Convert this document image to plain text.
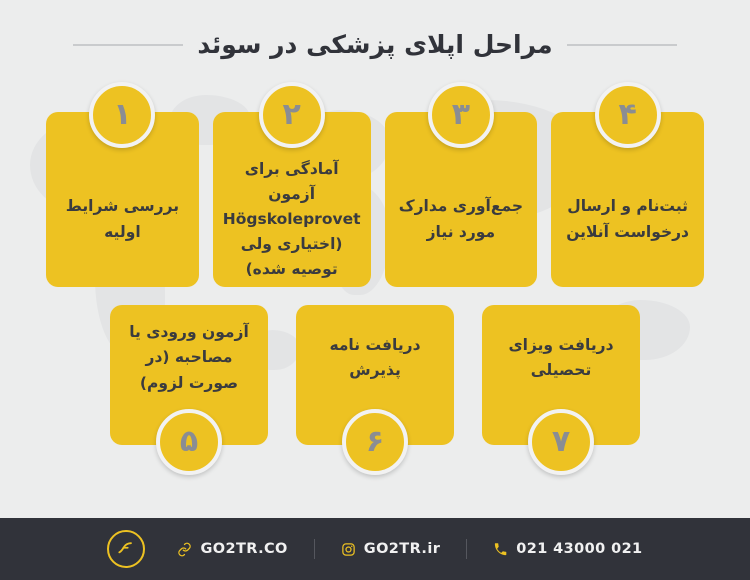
مراحل اپلای پزشکی در سوئد
۴
ثبت‌نام و ارسال درخواست آنلاین
۳
جمع‌آوری مدارک مورد نیاز
۲
آمادگی برای آزمون Högskoleprovet (اختیاری ولی توصیه شده)
۱
بررسی شرایط اولیه
۷
دریافت ویزای تحصیلی
۶
دریافت نامه پذیرش
۵
آزمون ورودی یا مصاحبه (در صورت لزوم)
GO2TR.CO	GO2TR.ir	021 43000 021
